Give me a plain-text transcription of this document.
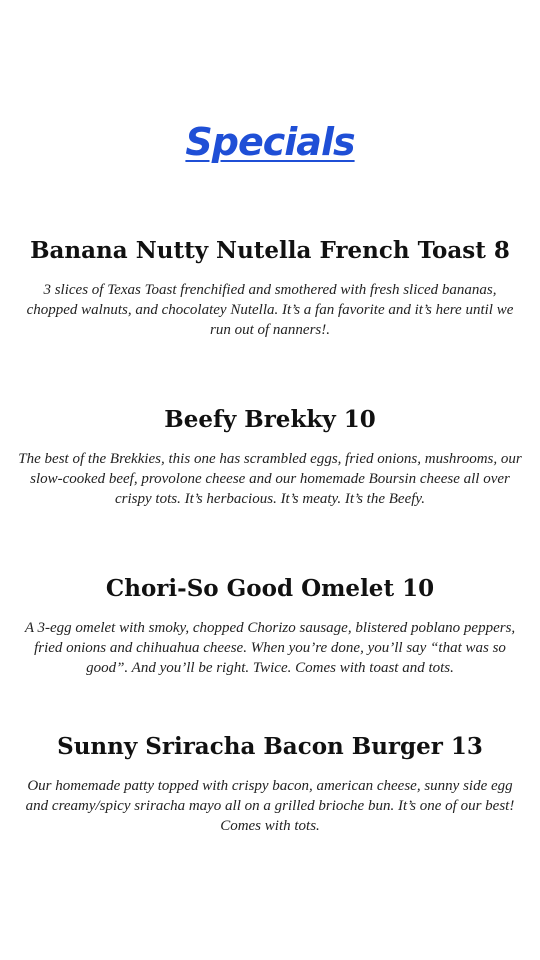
Specials

Banana Nutty Nutella French Toast 8

3 slices of Texas Toast frenchified and smothered with fresh sliced bananas, chopped walnuts, and chocolatey Nutella. It’s a fan favorite and it’s here until we run out of nanners!.

Beefy Brekky 10

The best of the Brekkies, this one has scrambled eggs, fried onions, mushrooms, our slow-cooked beef, provolone cheese and our homemade Boursin cheese all over crispy tots. It’s herbacious. It’s meaty. It’s the Beefy.

Chori-So Good Omelet 10

A 3-egg omelet with smoky, chopped Chorizo sausage, blistered poblano peppers, fried onions and chihuahua cheese. When you’re done, you’ll say “that was so good”. And you’ll be right. Twice. Comes with toast and tots.

Sunny Sriracha Bacon Burger 13

Our homemade patty topped with crispy bacon, american cheese, sunny side egg and creamy/spicy sriracha mayo all on a grilled brioche bun. It’s one of our best! Comes with tots.
